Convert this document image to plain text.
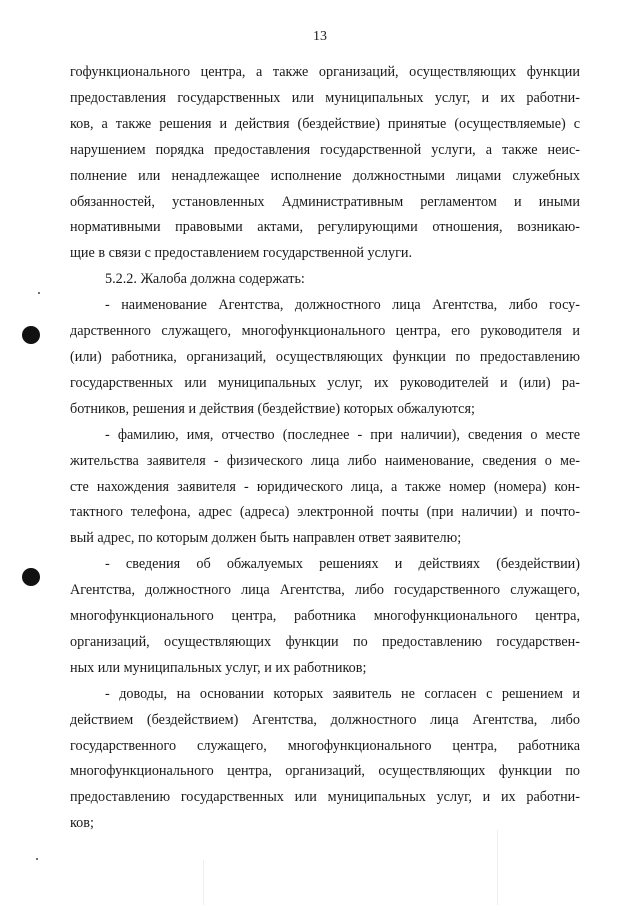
13

гофункционального центра, а также организаций, осуществляющих функции

предоставления государственных или муниципальных услуг, и их работни-

ков, а также решения и действия (бездействие) принятые (осуществляемые) с

нарушением порядка предоставления государственной услуги, а также неис-

полнение или ненадлежащее исполнение должностными лицами служебных

обязанностей, установленных Административным регламентом и иными

нормативными правовыми актами, регулирующими отношения, возникаю-

щие в связи с предоставлением государственной услуги.

5.2.2. Жалоба должна содержать:

- наименование Агентства, должностного лица Агентства, либо госу-

дарственного служащего, многофункционального центра, его руководителя и

(или) работника, организаций, осуществляющих функции по предоставлению

государственных или муниципальных услуг, их руководителей и (или) ра-

ботников, решения и действия (бездействие) которых обжалуются;

- фамилию, имя, отчество (последнее - при наличии), сведения о месте

жительства заявителя - физического лица либо наименование, сведения о ме-

сте нахождения заявителя - юридического лица, а также номер (номера) кон-

тактного телефона, адрес (адреса) электронной почты (при наличии) и почто-

вый адрес, по которым должен быть направлен ответ заявителю;

- сведения об обжалуемых решениях и действиях (бездействии)

Агентства, должностного лица Агентства, либо государственного служащего,

многофункционального центра, работника многофункционального центра,

организаций, осуществляющих функции по предоставлению государствен-

ных или муниципальных услуг, и их работников;

- доводы, на основании которых заявитель не согласен с решением и

действием (бездействием) Агентства, должностного лица Агентства, либо

государственного служащего, многофункционального центра, работника

многофункционального центра, организаций, осуществляющих функции по

предоставлению государственных или муниципальных услуг, и их работни-

ков;
